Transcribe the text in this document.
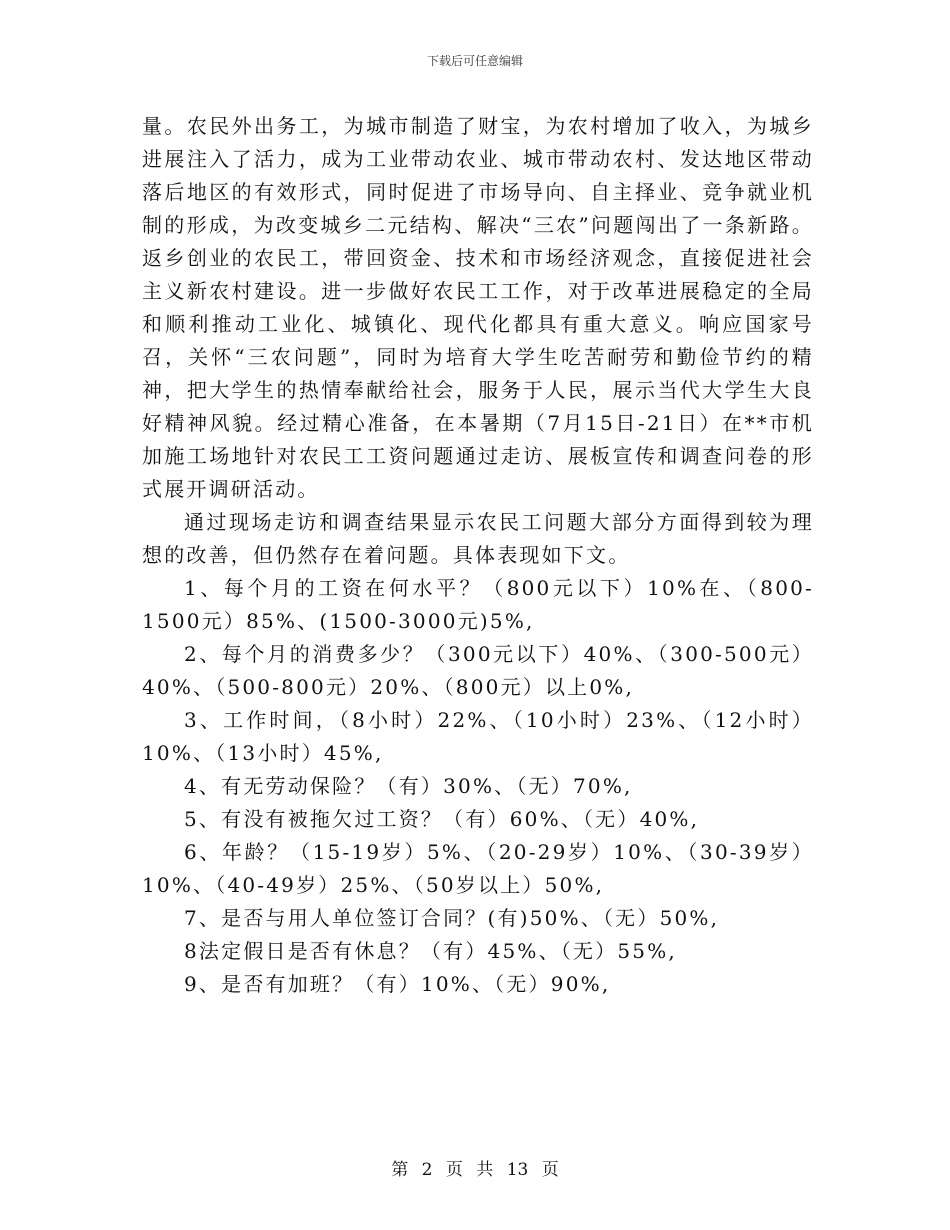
下载后可任意编辑

量。农民外出务工，为城市制造了财宝，为农村增加了收入，为城乡进展注入了活力，成为工业带动农业、城市带动农村、发达地区带动落后地区的有效形式，同时促进了市场导向、自主择业、竞争就业机制的形成，为改变城乡二元结构、解决“三农”问题闯出了一条新路。返乡创业的农民工，带回资金、技术和市场经济观念，直接促进社会主义新农村建设。进一步做好农民工工作，对于改革进展稳定的全局和顺利推动工业化、城镇化、现代化都具有重大意义。响应国家号召，关怀“三农问题”，同时为培育大学生吃苦耐劳和勤俭节约的精神，把大学生的热情奉献给社会，服务于人民，展示当代大学生大良好精神风貌。经过精心准备，在本暑期（7月15日-21日）在**市机加施工场地针对农民工工资问题通过走访、展板宣传和调查问卷的形式展开调研活动。

通过现场走访和调查结果显示农民工问题大部分方面得到较为理想的改善，但仍然存在着问题。具体表现如下文。

1、每个月的工资在何水平？（800元以下）10%在、（800-1500元）85%、(1500-3000元)5%,

2、每个月的消费多少？（300元以下）40%、（300-500元）40%、（500-800元）20%、（800元）以上0%,

3、工作时间，（8小时）22%、（10小时）23%、（12小时）10%、（13小时）45%,

4、有无劳动保险？（有）30%、（无）70%,

5、有没有被拖欠过工资？（有）60%、（无）40%,

6、年龄？（15-19岁）5%、（20-29岁）10%、（30-39岁）10%、（40-49岁）25%、（50岁以上）50%,

7、是否与用人单位签订合同？(有)50%、（无）50%,

8法定假日是否有休息？（有）45%、（无）55%,

9、是否有加班？（有）10%、（无）90%,

第 2 页 共 13 页
